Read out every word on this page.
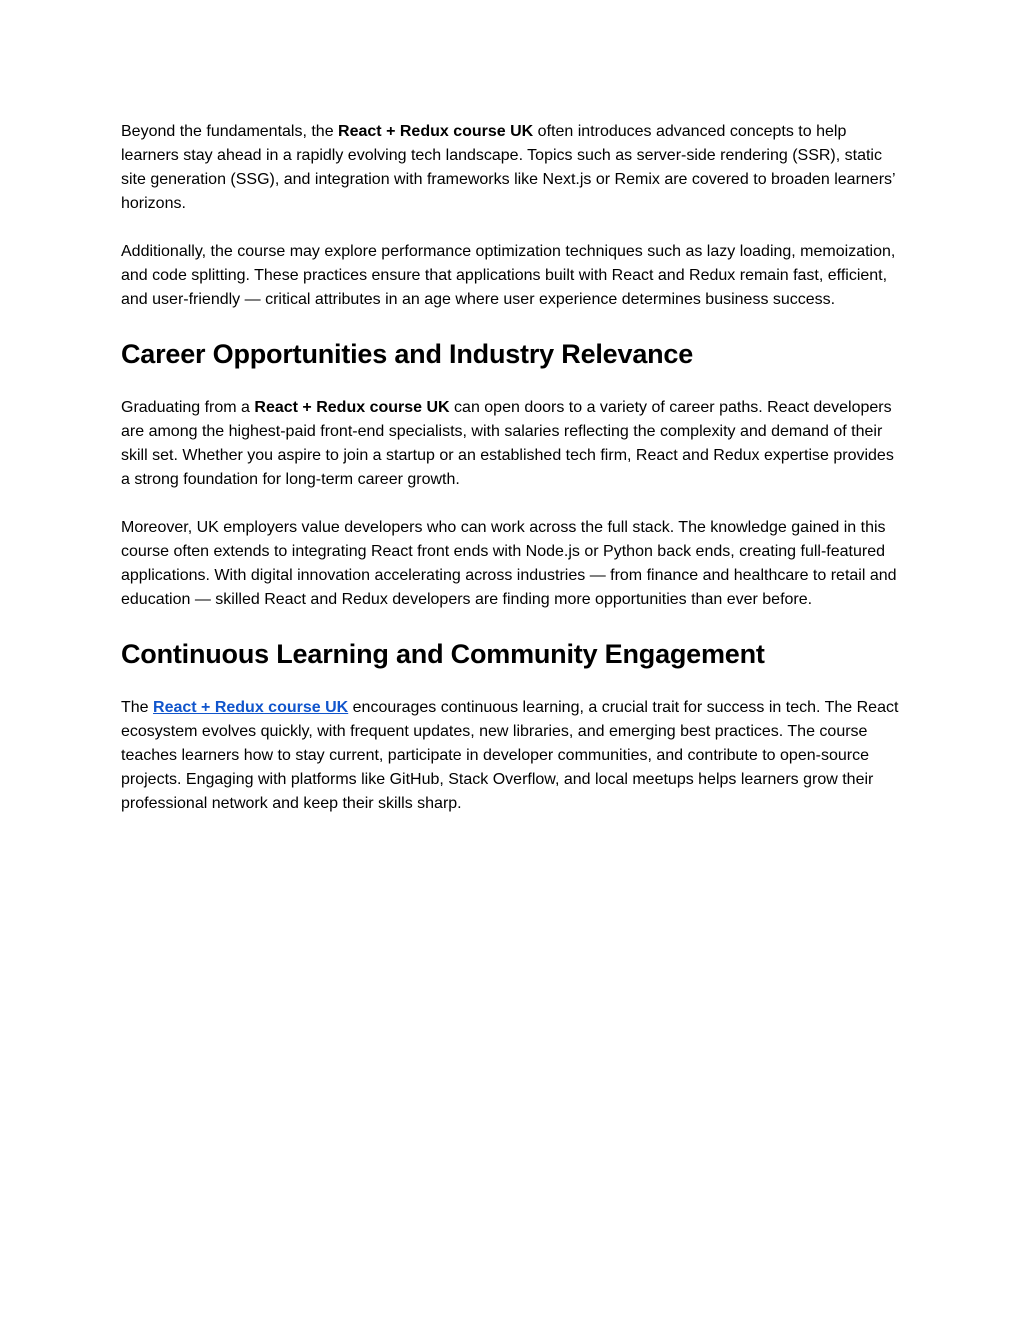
Beyond the fundamentals, the React + Redux course UK often introduces advanced concepts to help learners stay ahead in a rapidly evolving tech landscape. Topics such as server-side rendering (SSR), static site generation (SSG), and integration with frameworks like Next.js or Remix are covered to broaden learners’ horizons.

Additionally, the course may explore performance optimization techniques such as lazy loading, memoization, and code splitting. These practices ensure that applications built with React and Redux remain fast, efficient, and user-friendly — critical attributes in an age where user experience determines business success.

Career Opportunities and Industry Relevance

Graduating from a React + Redux course UK can open doors to a variety of career paths. React developers are among the highest-paid front-end specialists, with salaries reflecting the complexity and demand of their skill set. Whether you aspire to join a startup or an established tech firm, React and Redux expertise provides a strong foundation for long-term career growth.

Moreover, UK employers value developers who can work across the full stack. The knowledge gained in this course often extends to integrating React front ends with Node.js or Python back ends, creating full-featured applications. With digital innovation accelerating across industries — from finance and healthcare to retail and education — skilled React and Redux developers are finding more opportunities than ever before.

Continuous Learning and Community Engagement

The React + Redux course UK encourages continuous learning, a crucial trait for success in tech. The React ecosystem evolves quickly, with frequent updates, new libraries, and emerging best practices. The course teaches learners how to stay current, participate in developer communities, and contribute to open-source projects. Engaging with platforms like GitHub, Stack Overflow, and local meetups helps learners grow their professional network and keep their skills sharp.
